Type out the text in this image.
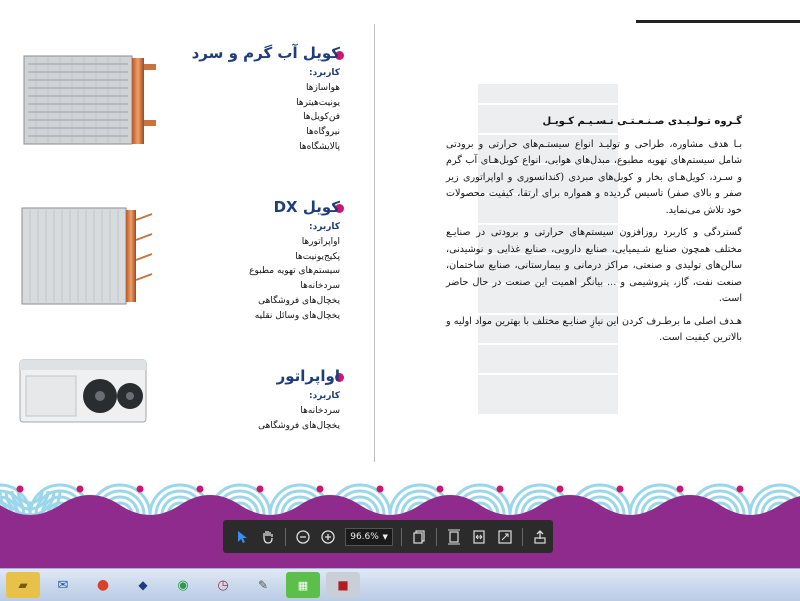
کویل آب گرم و سرد
کاربرد:
هواسازها
یونیت‌هیترها
فن‌کویل‌ها
نیروگاه‌ها
پالایشگاه‌ها
کویل DX
کاربرد:
اواپراتورها
پکیج‌یونیت‌ها
سیستم‌های تهویه مطبوع
سردخانه‌ها
یخچال‌های فروشگاهی
یخچال‌های وسائل نقلیه
اواپراتور
کاربرد:
سردخانه‌ها
یخچال‌های فروشگاهی

گـروه تـولـیـدی صـنـعـتـی نـسـیـم کـویـل

بـا هدف مشاوره، طراحی و تولیـد انواع سیستـم‌های حرارتی و برودتی شامل سیستم‌های تهویه مطبوع، مبدل‌های هوایی، انواع کویل‌هـای آب گرم و سـرد، کویل‌هـای بخار و کویل‌های مبردی (کندانسوری و اواپراتوری زیر صفر و بالای صفر) تاسیس گردیده و همواره برای ارتقا، کیفیت محصولات خود تلاش می‌نماید.

گستردگی و کاربرد روزافزون سیستم‌های حرارتی و برودتی در صنایـع مختلف همچون صنایع شـیمیایی، صنایع دارویی، صنایع غذایی و نوشیدنی، سالن‌های تولیدی و صنعتی، مراکز درمانی و بیمارستانی، صنایع ساختمان، صنعت نفت، گاز، پتروشیمی و ... بیانگر اهمیت این صنعت در حال حاضر است.

هـدف اصلی ما برطـرف کردن این نیازِ صنایـع مختلف با بهترین مواد اولیه و بالاترین کیفیت است.

96.6% ▼
▰ ✉ ● ◆ ◉ ◷ ✎	▦ ■
